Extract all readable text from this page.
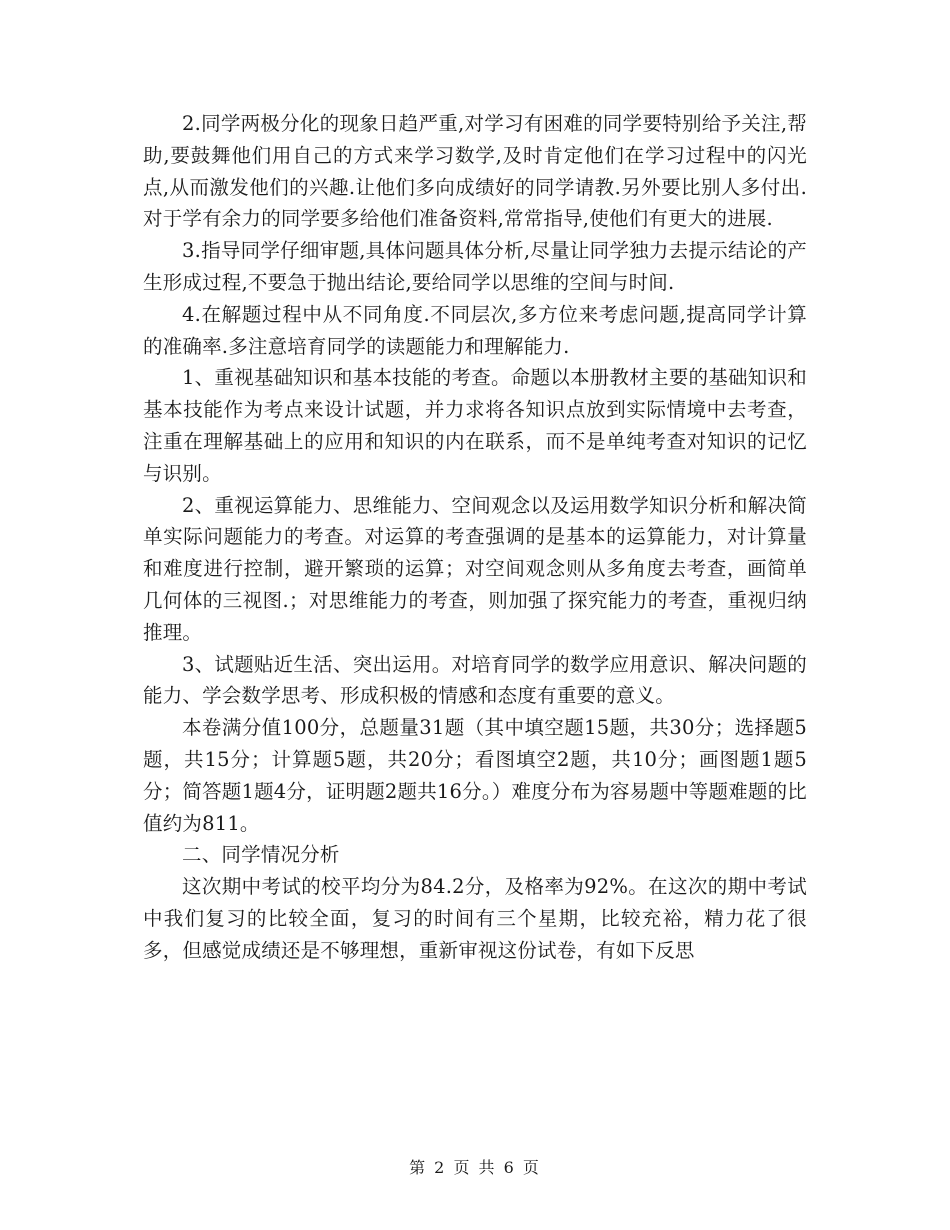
2.同学两极分化的现象日趋严重,对学习有困难的同学要特别给予关注,帮助,要鼓舞他们用自己的方式来学习数学,及时肯定他们在学习过程中的闪光点,从而激发他们的兴趣.让他们多向成绩好的同学请教.另外要比别人多付出.对于学有余力的同学要多给他们准备资料,常常指导,使他们有更大的进展.

3.指导同学仔细审题,具体问题具体分析,尽量让同学独力去提示结论的产生形成过程,不要急于抛出结论,要给同学以思维的空间与时间.

4.在解题过程中从不同角度.不同层次,多方位来考虑问题,提高同学计算的准确率.多注意培育同学的读题能力和理解能力.

1、重视基础知识和基本技能的考查。命题以本册教材主要的基础知识和基本技能作为考点来设计试题，并力求将各知识点放到实际情境中去考查，注重在理解基础上的应用和知识的内在联系，而不是单纯考查对知识的记忆与识别。

2、重视运算能力、思维能力、空间观念以及运用数学知识分析和解决简单实际问题能力的考查。对运算的考查强调的是基本的运算能力，对计算量和难度进行控制，避开繁琐的运算；对空间观念则从多角度去考查，画简单几何体的三视图.；对思维能力的考查，则加强了探究能力的考查，重视归纳推理。

3、试题贴近生活、突出运用。对培育同学的数学应用意识、解决问题的能力、学会数学思考、形成积极的情感和态度有重要的意义。

本卷满分值100分，总题量31题（其中填空题15题，共30分；选择题5题，共15分；计算题5题，共20分；看图填空2题，共10分；画图题1题5分；简答题1题4分，证明题2题共16分。）难度分布为容易题中等题难题的比值约为811。

二、同学情况分析

这次期中考试的校平均分为84.2分，及格率为92%。在这次的期中考试中我们复习的比较全面，复习的时间有三个星期，比较充裕，精力花了很多，但感觉成绩还是不够理想，重新审视这份试卷，有如下反思

第 2 页 共 6 页
